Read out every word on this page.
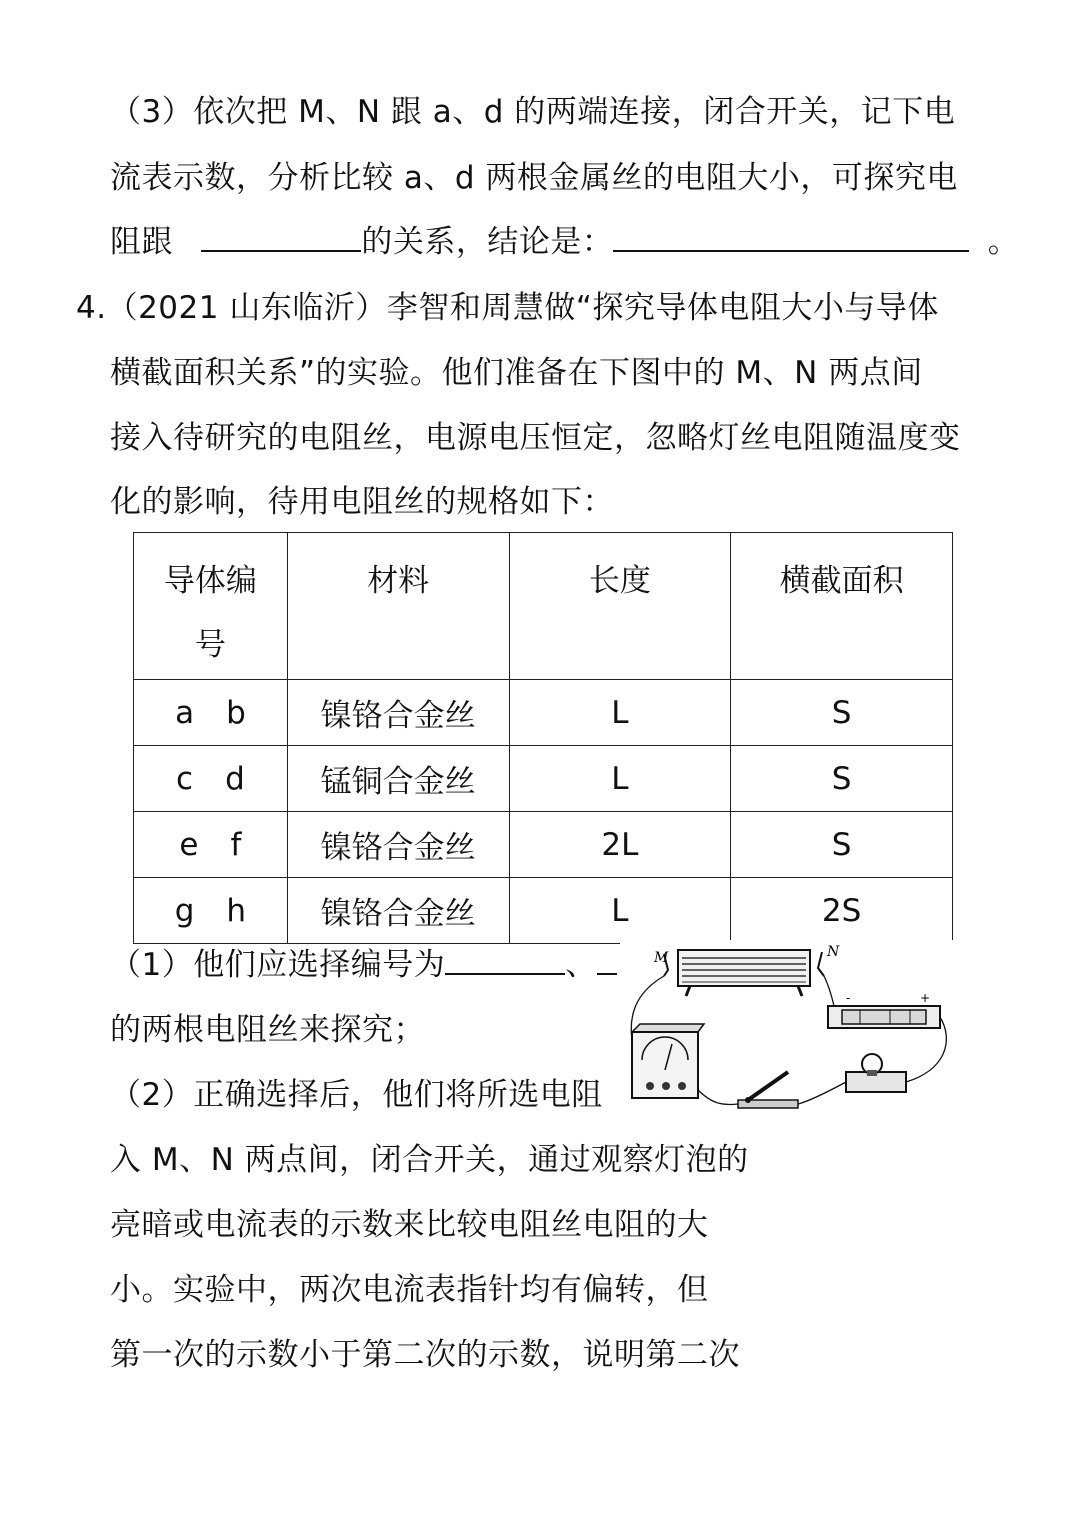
（3）依次把 M、N 跟 a、d 的两端连接，闭合开关，记下电
流表示数，分析比较 a、d 两根金属丝的电阻大小，可探究电
阻跟	的关系，结论是：	。
4.（2021 山东临沂）李智和周慧做“探究导体电阻大小与导体
横截面积关系”的实验。他们准备在下图中的 M、N 两点间
接入待研究的电阻丝，电源电压恒定，忽略灯丝电阻随温度变
化的影响，待用电阻丝的规格如下：
导体编
号	材料	长度	横截面积
a b	镍铬合金丝	L	S
c d	锰铜合金丝	L	S
e f	镍铬合金丝	2L	S
g h	镍铬合金丝	L	2S
（1）他们应选择编号为	、
的两根电阻丝来探究；
（2）正确选择后，他们将所选电阻
入 M、N 两点间，闭合开关，通过观察灯泡的
亮暗或电流表的示数来比较电阻丝电阻的大
小。实验中，两次电流表指针均有偏转，但
第一次的示数小于第二次的示数，说明第二次
M	N
-	+
